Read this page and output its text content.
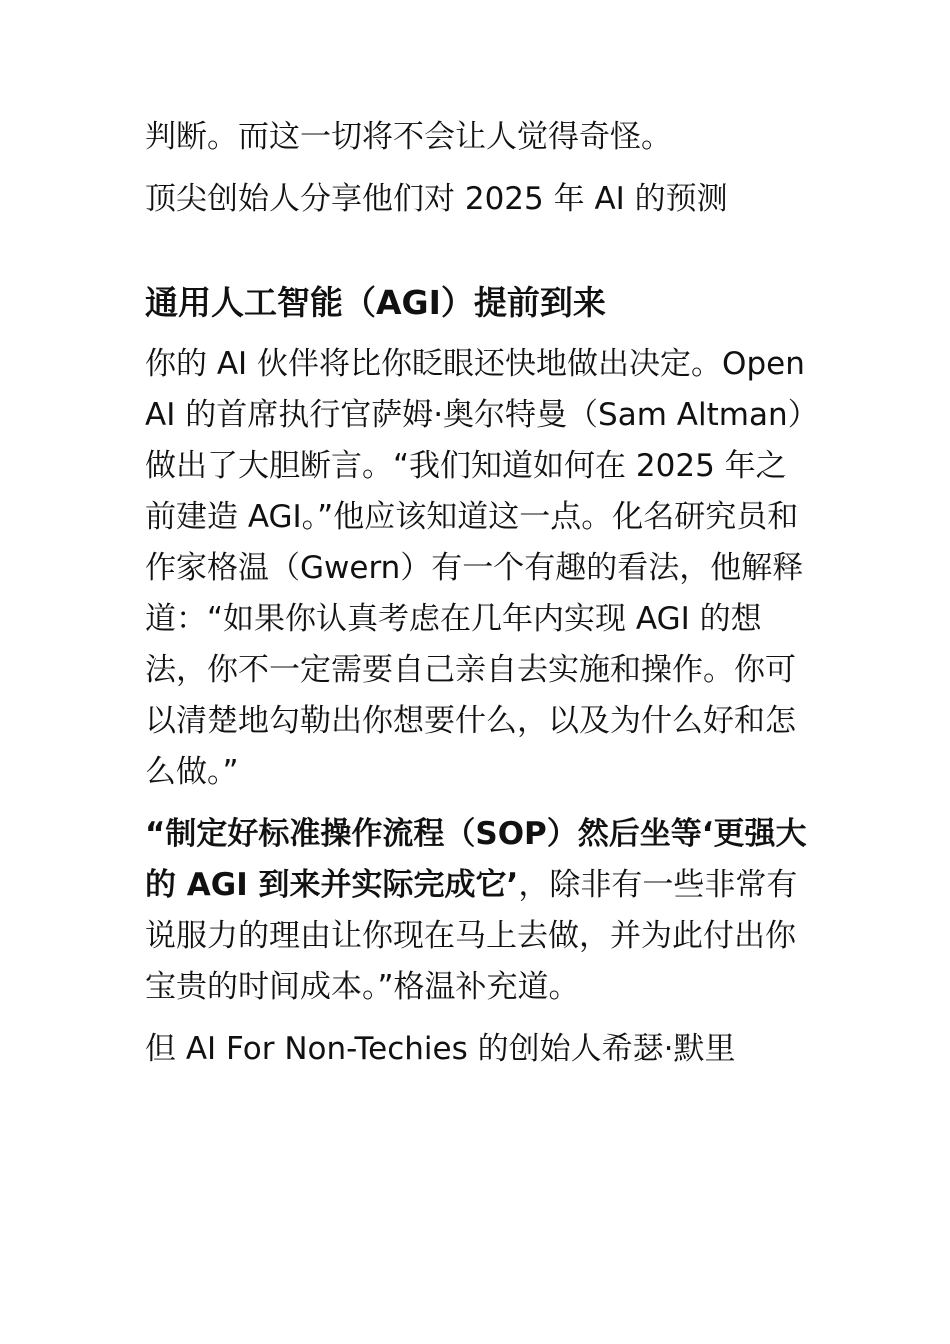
判断。而这一切将不会让人觉得奇怪。

顶尖创始人分享他们对 2025 年 AI 的预测

通用人工智能（AGI）提前到来

你的 AI 伙伴将比你眨眼还快地做出决定。OpenAI 的首席执行官萨姆·奥尔特曼（Sam Altman）做出了大胆断言。“我们知道如何在 2025 年之前建造 AGI。”他应该知道这一点。化名研究员和作家格温（Gwern）有一个有趣的看法，他解释道：“如果你认真考虑在几年内实现 AGI 的想法，你不一定需要自己亲自去实施和操作。你可以清楚地勾勒出你想要什么，以及为什么好和怎么做。”

“制定好标准操作流程（SOP）然后坐等‘更强大的 AGI 到来并实际完成它’，除非有一些非常有说服力的理由让你现在马上去做，并为此付出你宝贵的时间成本。”格温补充道。

但 AI For Non-Techies 的创始人希瑟·默里
